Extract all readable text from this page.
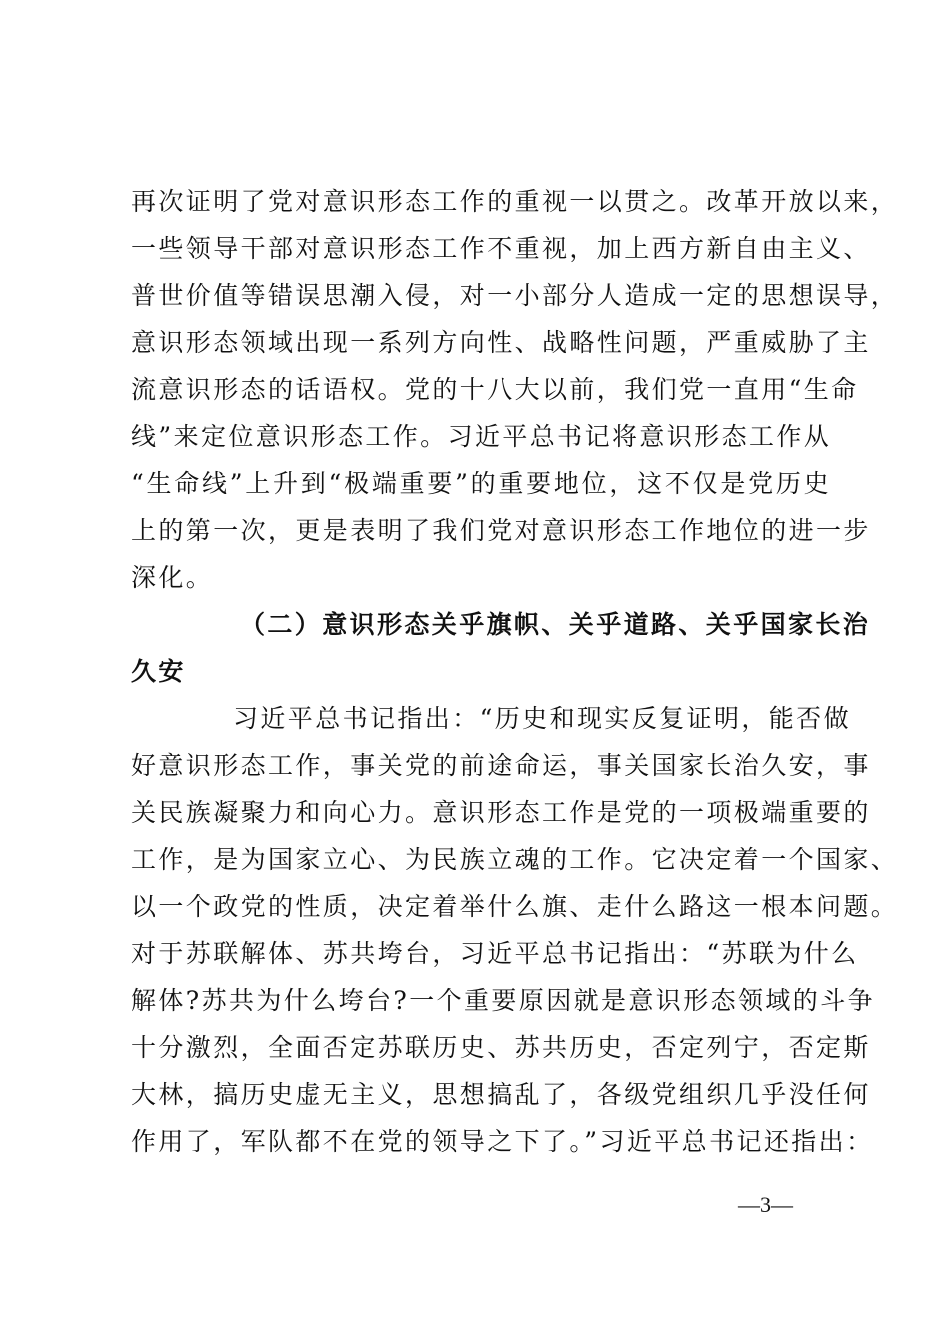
再次证明了党对意识形态工作的重视一以贯之。改革开放以来，
一些领导干部对意识形态工作不重视，加上西方新自由主义、
普世价值等错误思潮入侵，对一小部分人造成一定的思想误导，
意识形态领域出现一系列方向性、战略性问题，严重威胁了主
流意识形态的话语权。党的十八大以前，我们党一直用“生命
线”来定位意识形态工作。习近平总书记将意识形态工作从
“生命线”上升到“极端重要”的重要地位，这不仅是党历史
上的第一次，更是表明了我们党对意识形态工作地位的进一步
深化。
（二）意识形态关乎旗帜、关乎道路、关乎国家长治
久安
习近平总书记指出：“历史和现实反复证明，能否做
好意识形态工作，事关党的前途命运，事关国家长治久安，事
关民族凝聚力和向心力。意识形态工作是党的一项极端重要的
工作，是为国家立心、为民族立魂的工作。它决定着一个国家、
以一个政党的性质，决定着举什么旗、走什么路这一根本问题。
对于苏联解体、苏共垮台，习近平总书记指出：“苏联为什么
解体?苏共为什么垮台?一个重要原因就是意识形态领域的斗争
十分激烈，全面否定苏联历史、苏共历史，否定列宁，否定斯
大林，搞历史虚无主义，思想搞乱了，各级党组织几乎没任何
作用了，军队都不在党的领导之下了。”习近平总书记还指出：
—3—
